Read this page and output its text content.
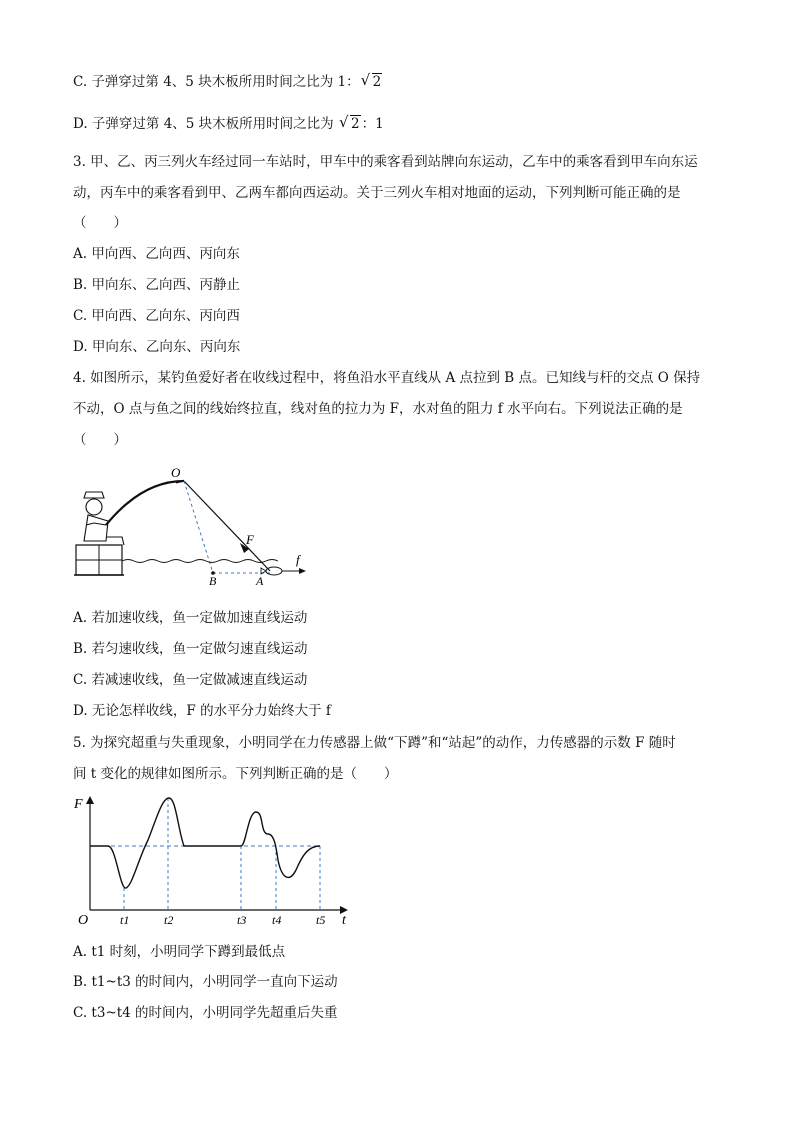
C. 子弹穿过第 4、5 块木板所用时间之比为 1：√ 2
D. 子弹穿过第 4、5 块木板所用时间之比为 √ 2 ：1
3. 甲、乙、丙三列火车经过同一车站时，甲车中的乘客看到站牌向东运动，乙车中的乘客看到甲车向东运
动，丙车中的乘客看到甲、乙两车都向西运动。关于三列火车相对地面的运动，下列判断可能正确的是
（　　）
A. 甲向西、乙向西、丙向东
B. 甲向东、乙向西、丙静止
C. 甲向西、乙向东、丙向西
D. 甲向东、乙向东、丙向东
4. 如图所示，某钓鱼爱好者在收线过程中，将鱼沿水平直线从 A 点拉到 B 点。已知线与杆的交点 O 保持
不动，O 点与鱼之间的线始终拉直，线对鱼的拉力为 F，水对鱼的阻力 f 水平向右。下列说法正确的是
（　　）
O
F
f
A
B
A. 若加速收线，鱼一定做加速直线运动
B. 若匀速收线，鱼一定做匀速直线运动
C. 若减速收线，鱼一定做减速直线运动
D. 无论怎样收线，F 的水平分力始终大于 f
5. 为探究超重与失重现象，小明同学在力传感器上做“下蹲”和“站起”的动作，力传感器的示数 F 随时
间 t 变化的规律如图所示。下列判断正确的是（　　）
F
t
O	t1	t2	t3 t4	t5
A. t1 时刻，小明同学下蹲到最低点
B. t1~t3 的时间内，小明同学一直向下运动
C. t3~t4 的时间内，小明同学先超重后失重
